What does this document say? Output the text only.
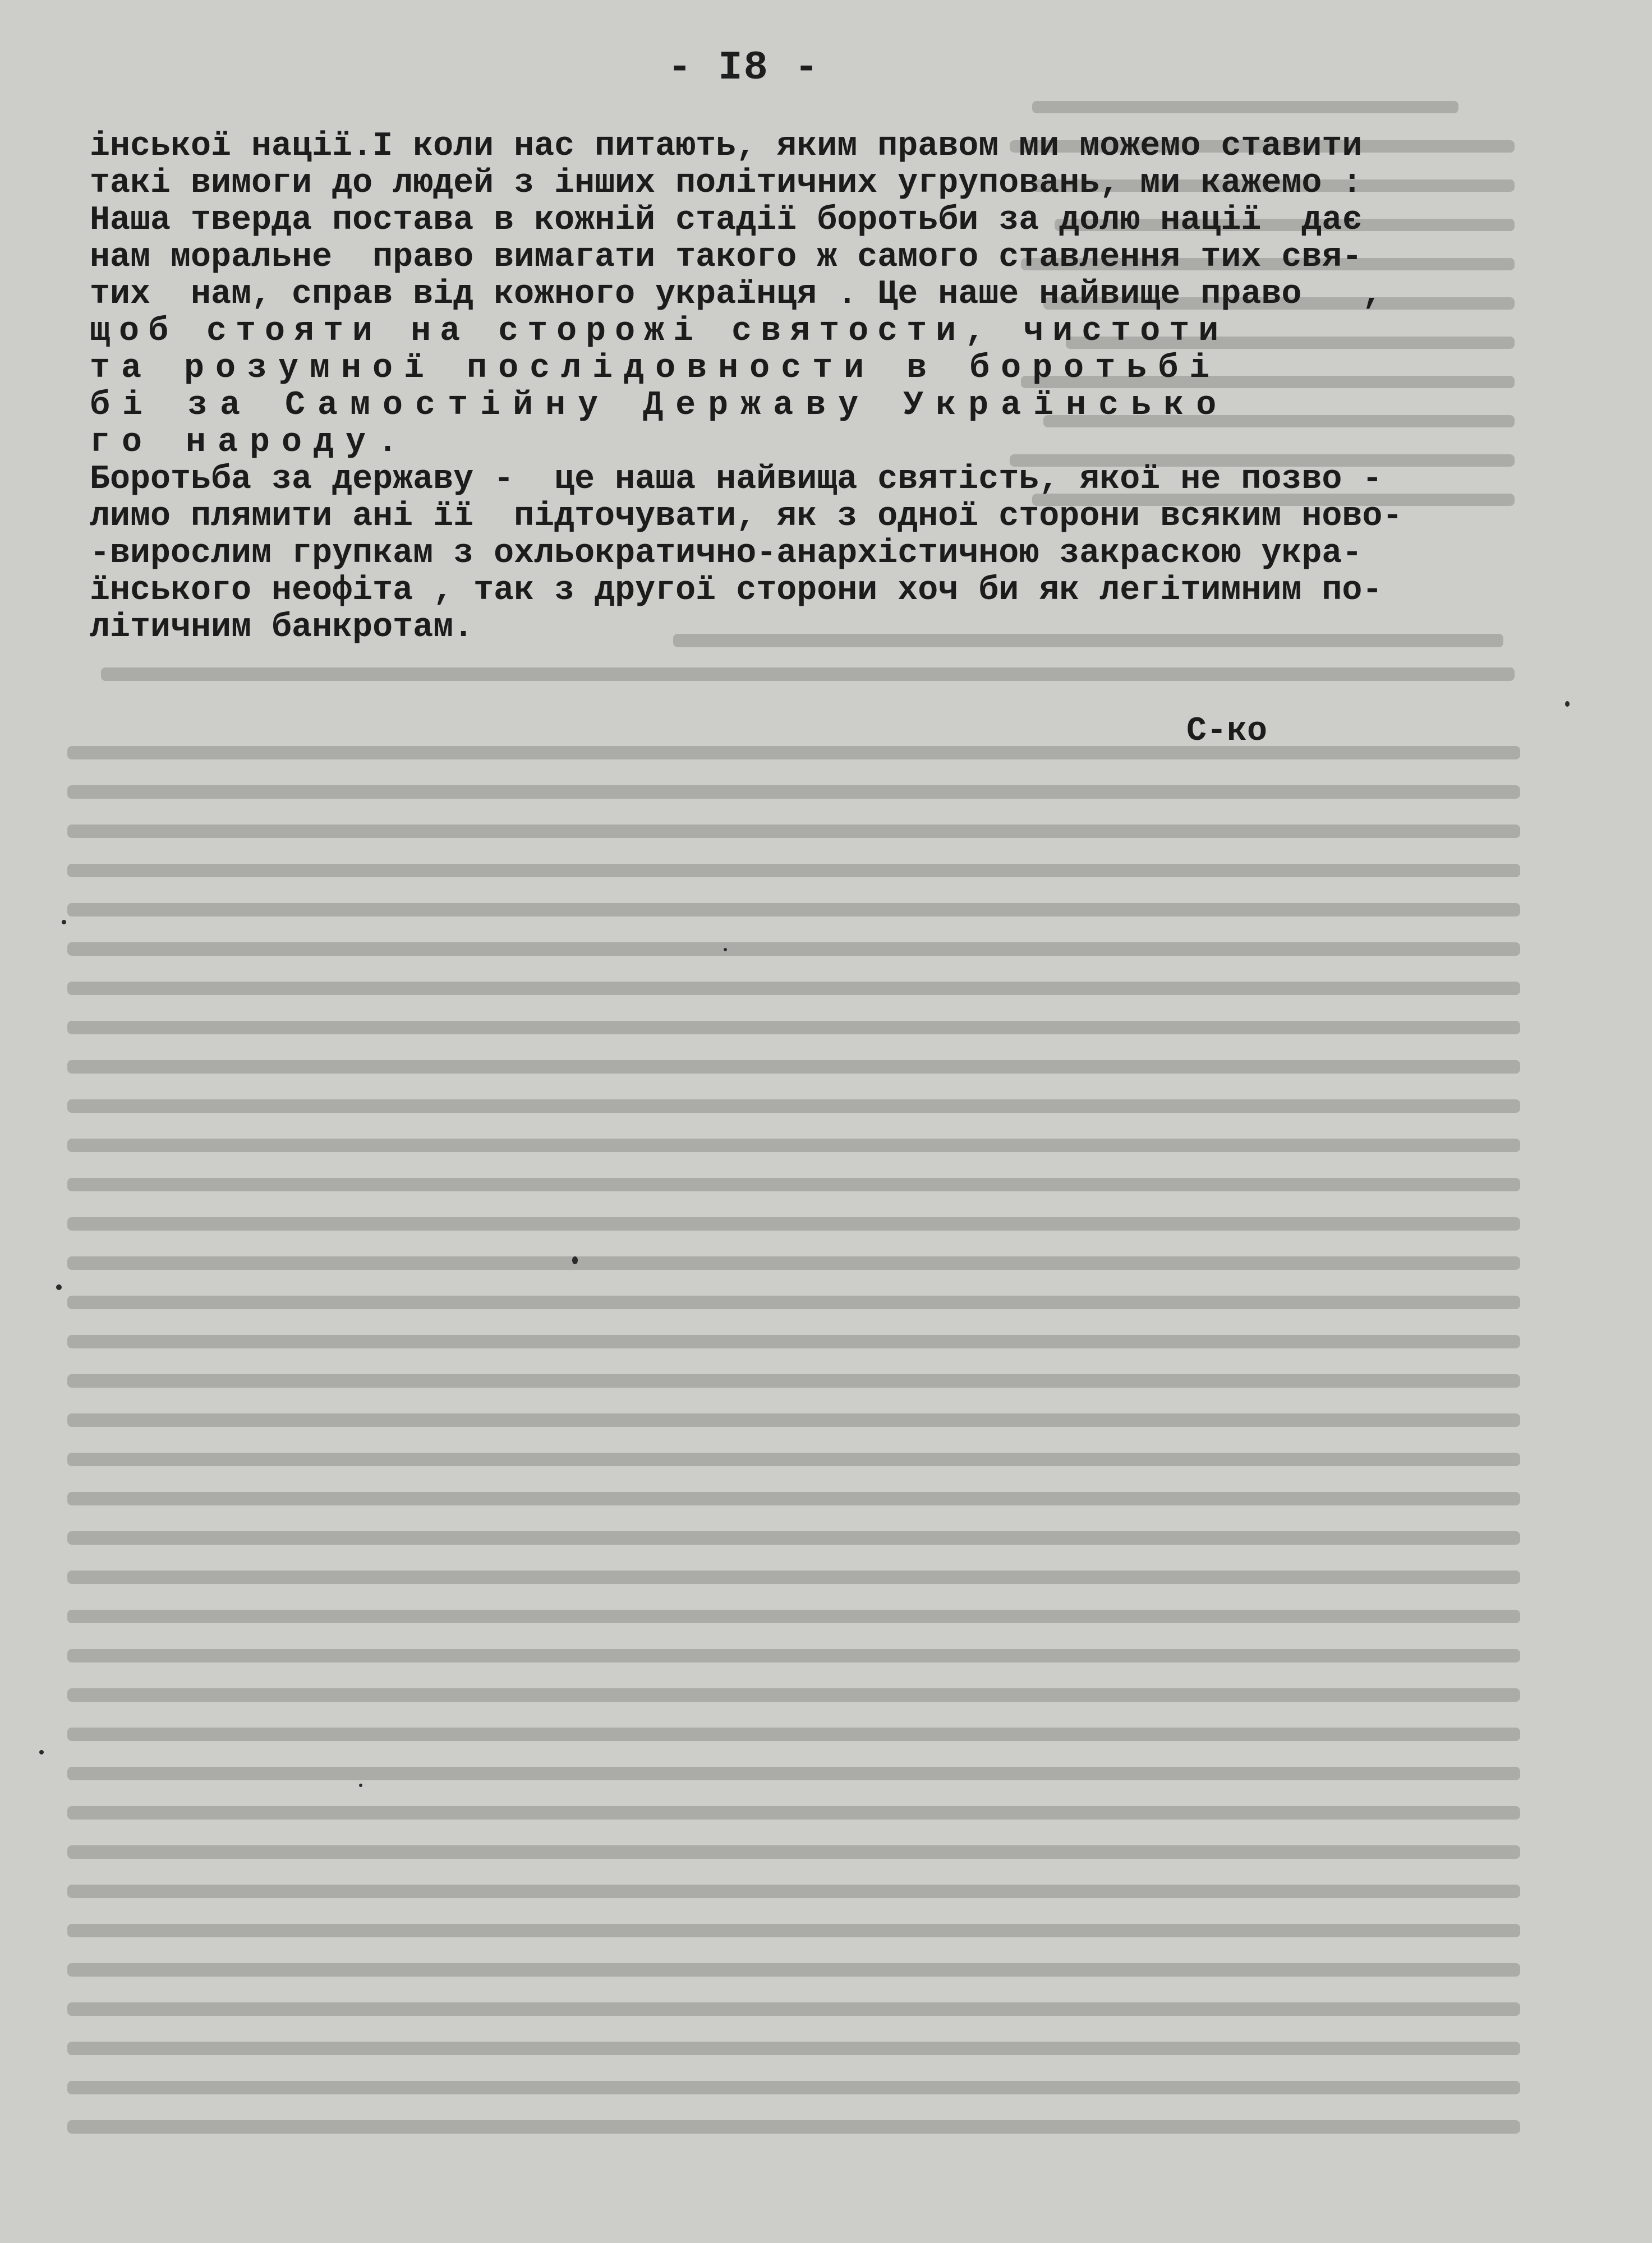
- I8 -
інської нації.І коли нас питають, яким правом ми можемо ставити
такі вимоги до людей з інших політичних угруповань, ми кажемо :
Наша тверда постава в кожній стадії боротьби за долю нації  дає
нам моральне  право вимагати такого ж самого ставлення тих свя-
тих  нам, справ від кожного українця . Це наше найвище право   ,
щоб стояти на сторожі святости, чистоти
та розумної послідовности в боротьбі
бі за Самостійну Державу Українсько
го народу.
Боротьба за державу -  це наша найвища святість, якої не позво -
лимо плямити ані її  підточувати, як з одної сторони всяким ново-
-вирослим групкам з охльократично-анархістичною закраскою укра-
їнського неофіта , так з другої сторони хоч би як легітимним по-
літичним банкротам.
С-ко
